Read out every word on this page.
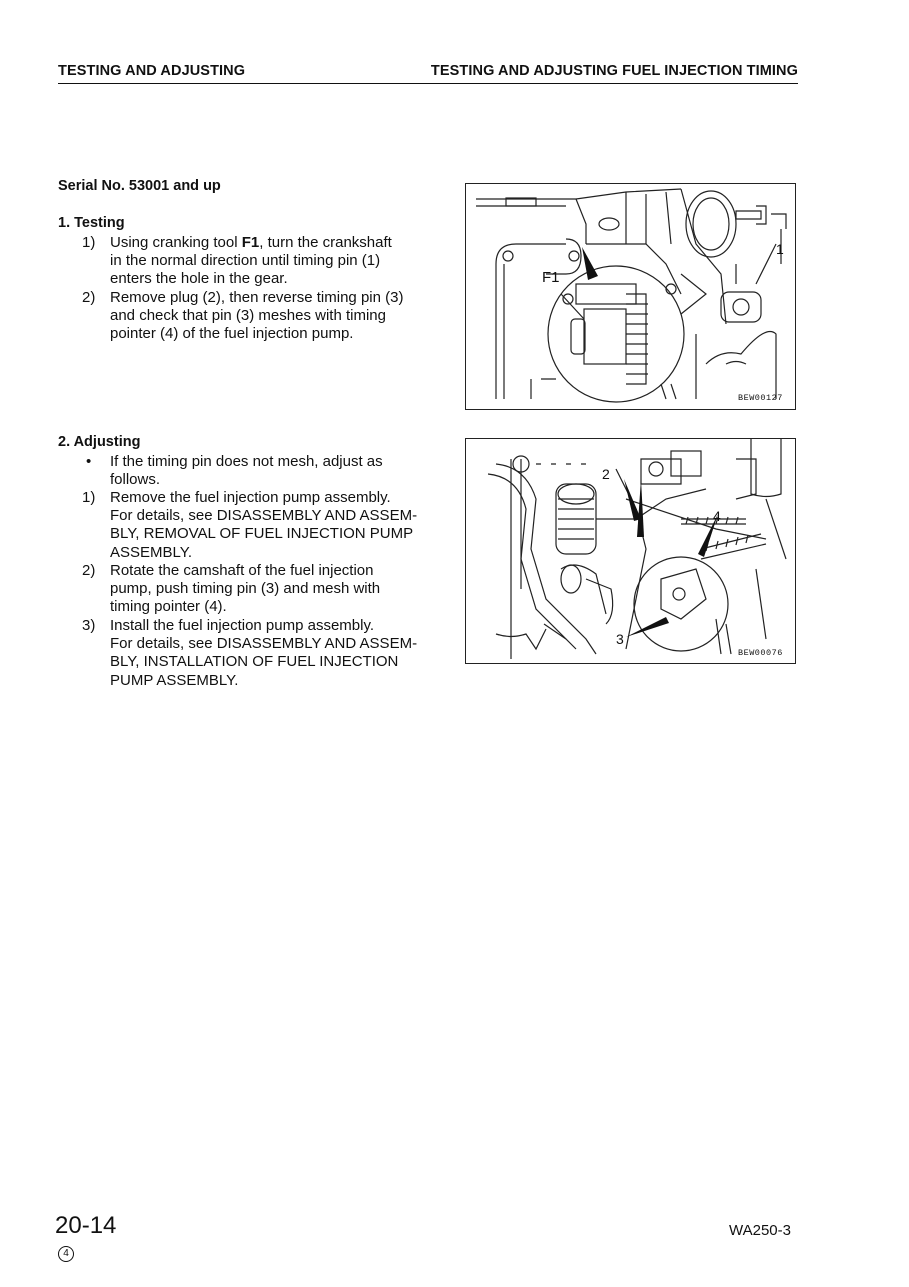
TESTING AND ADJUSTING	TESTING AND ADJUSTING FUEL INJECTION TIMING
Serial No. 53001 and up
1. Testing
1) Using cranking tool F1, turn the crankshaft
in the normal direction until timing pin (1)
enters the hole in the gear.
2) Remove plug (2), then reverse timing pin (3)
and check that pin (3) meshes with timing
pointer (4) of the fuel injection pump.
2. Adjusting
• If the timing pin does not mesh, adjust as
follows.
1) Remove the fuel injection pump assembly.
For details, see DISASSEMBLY AND ASSEM-
BLY, REMOVAL OF FUEL INJECTION PUMP
ASSEMBLY.
2) Rotate the camshaft of the fuel injection
pump, push timing pin (3) and mesh with
timing pointer (4).
3) Install the fuel injection pump assembly.
For details, see DISASSEMBLY AND ASSEM-
BLY, INSTALLATION OF FUEL INJECTION
PUMP ASSEMBLY.
F1
1
BEW00127
2
4
3
BEW00076
20-14
4
WA250-3
